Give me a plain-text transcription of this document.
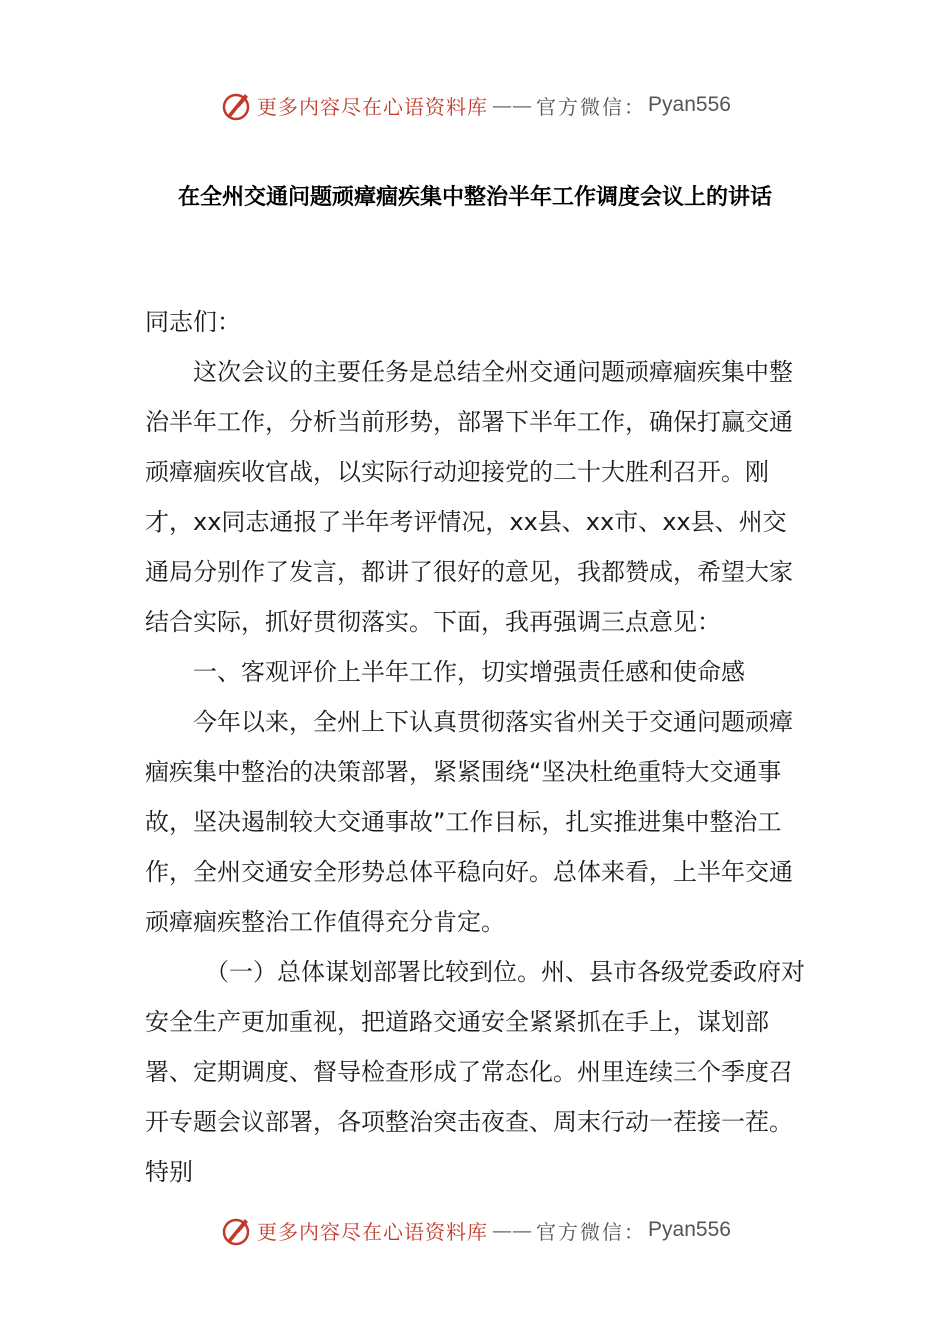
更多内容尽在心语资料库 —— 官方微信： Pyan556
在全州交通问题顽瘴痼疾集中整治半年工作调度会议上的讲话
同志们：

这次会议的主要任务是总结全州交通问题顽瘴痼疾集中整治半年工作，分析当前形势，部署下半年工作，确保打赢交通顽瘴痼疾收官战，以实际行动迎接党的二十大胜利召开。刚才，xx同志通报了半年考评情况，xx县、xx市、xx县、州交通局分别作了发言，都讲了很好的意见，我都赞成，希望大家结合实际，抓好贯彻落实。下面，我再强调三点意见：

一、客观评价上半年工作，切实增强责任感和使命感

今年以来，全州上下认真贯彻落实省州关于交通问题顽瘴痼疾集中整治的决策部署，紧紧围绕“坚决杜绝重特大交通事故，坚决遏制较大交通事故”工作目标，扎实推进集中整治工作，全州交通安全形势总体平稳向好。总体来看，上半年交通顽瘴痼疾整治工作值得充分肯定。

（一）总体谋划部署比较到位。州、县市各级党委政府对安全生产更加重视，把道路交通安全紧紧抓在手上，谋划部署、定期调度、督导检查形成了常态化。州里连续三个季度召开专题会议部署，各项整治突击夜查、周末行动一茬接一茬。特别

更多内容尽在心语资料库 —— 官方微信： Pyan556
